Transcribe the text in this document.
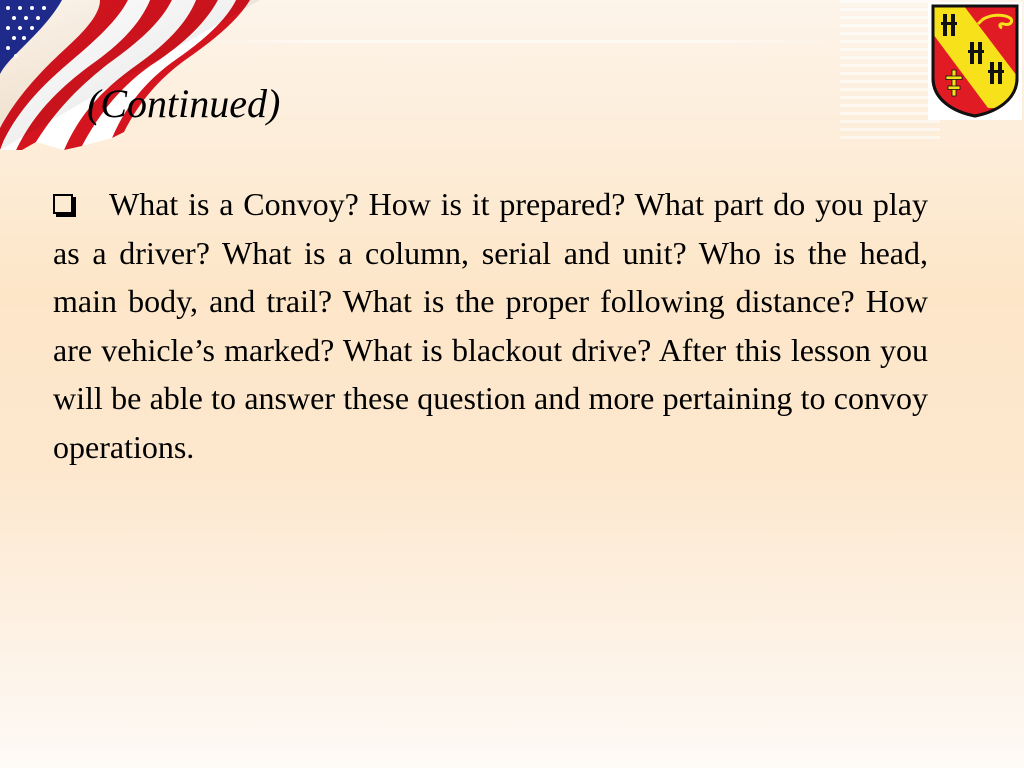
(Continued)

What is a Convoy? How is it prepared? What part do you play as a driver? What is a column, serial and unit? Who is the head, main body, and trail? What is the proper following distance? How are vehicle’s marked? What is blackout drive? After this lesson you will be able to answer these question and more pertaining to convoy operations.
